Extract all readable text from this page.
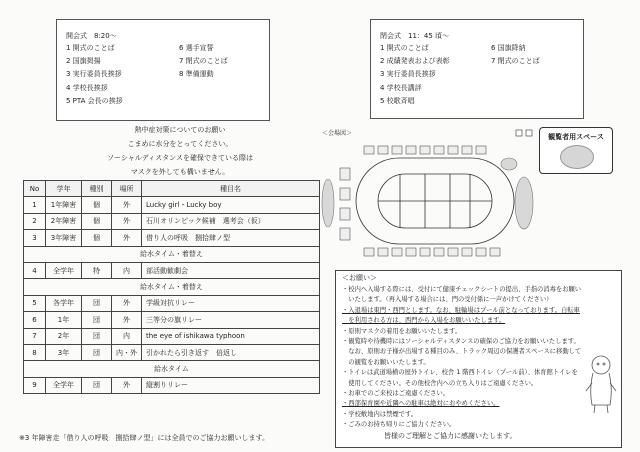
開会式　8:20～
1 開式のことば
2 国旗掲揚
3 実行委員長挨拶
4 学校長挨拶
5 PTA 会長の挨拶
6 選手宣誓
7 閉式のことば
8 準備運動
閉会式　11：45 頃～
1 開式のことば
2 成績発表および表彰
3 実行委員長挨拶
4 学校長講評
5 校歌斉唱
6 国旗降納
7 閉式のことば
熱中症対策についてのお願い
こまめに水分をとってください。
ソーシャルディスタンスを確保できている際は
マスクを外しても構いません。
No	学年	種別	場所	種目名
1	1年障害	個	外	Lucky girl・Lucky boy
2	2年障害	個	外	石川オリンピック候補　選考会（仮）
3	3年障害	個	外	借り人の呼吸　捌拾肆ノ型
給水タイム・着替え				
4	全学年	特	内	部活動歓劇会
給水タイム・着替え				
5	各学年	団	外	学級対抗リレー
6	1年	団	外	三等分の旗リレー
7	2年	団	内	the eye of ishikawa typhoon
8	3年	団	内・外	引かれたら引き返す　倍返し
給水タイム				
9	全学年	団	外	縦割りリレー
※3 年障害走「借り人の呼吸　捌拾肆ノ型」には全員でのご協力お願いします。
＜会場図＞	観覧者用スペース
＜お願い＞
・校内へ入場する際には、受付にて健康チェックシートの提出、手指の消毒をお願い
　いたします。（再入場する場合には、門の受付係に一声かけてください）
・入退場は東門・西門とします。なお、駐輪場はプール前となっております。自転車
　を利用される方は、西門から入場をお願いいたします。
・原則マスクの着用をお願いいたします。
・観覧時や待機時にはソーシャルディスタンスの確保のご協力をお願いいたします。
　なお、原則お子様が出場する種目のみ、トラック周辺の保護者スペースに移動して
　の観覧をお願いいたします。
・トイレは武道場横の屋外トイレ、校舎 1 階西トイレ（プール前）、体育館トイレを
　使用してください。その他校舎内への立ち入りはご遠慮ください。
・お車でのご来校はご遠慮ください。
・西部保育園や近隣への駐車は絶対におやめください。
・学校敷地内は禁煙です。
・ごみのお持ち帰りにご協力ください。
皆様のご理解とご協力に感謝いたします。
